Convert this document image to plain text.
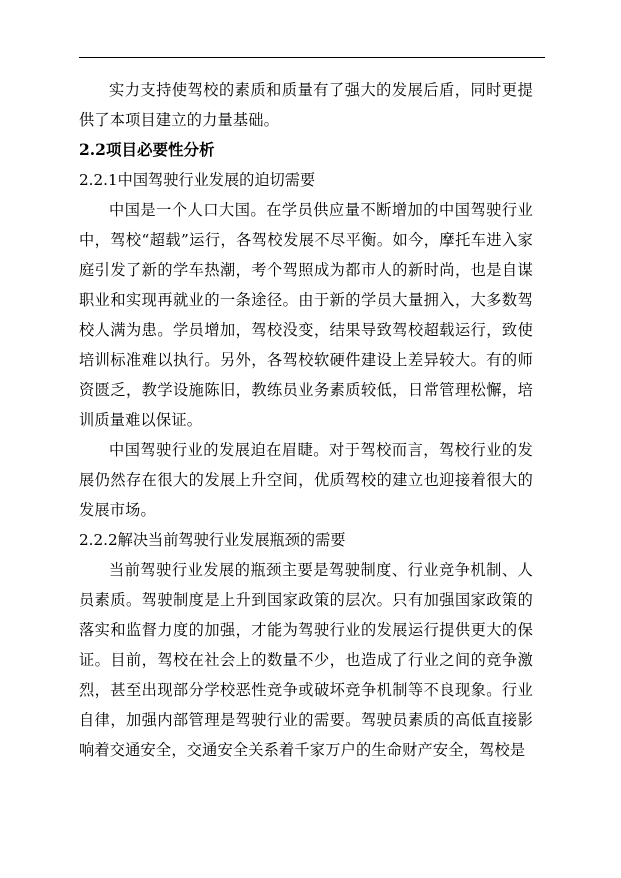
实力支持使驾校的素质和质量有了强大的发展后盾，同时更提供了本项目建立的力量基础。

2.2项目必要性分析

2.2.1中国驾驶行业发展的迫切需要

中国是一个人口大国。在学员供应量不断增加的中国驾驶行业中，驾校“超载”运行，各驾校发展不尽平衡。如今，摩托车进入家庭引发了新的学车热潮，考个驾照成为都市人的新时尚，也是自谋职业和实现再就业的一条途径。由于新的学员大量拥入，大多数驾校人满为患。学员增加，驾校没变，结果导致驾校超载运行，致使培训标准难以执行。另外，各驾校软硬件建设上差异较大。有的师资匮乏，教学设施陈旧，教练员业务素质较低，日常管理松懈，培训质量难以保证。

中国驾驶行业的发展迫在眉睫。对于驾校而言，驾校行业的发展仍然存在很大的发展上升空间，优质驾校的建立也迎接着很大的发展市场。

2.2.2解决当前驾驶行业发展瓶颈的需要

当前驾驶行业发展的瓶颈主要是驾驶制度、行业竞争机制、人员素质。驾驶制度是上升到国家政策的层次。只有加强国家政策的落实和监督力度的加强，才能为驾驶行业的发展运行提供更大的保证。目前，驾校在社会上的数量不少，也造成了行业之间的竞争激烈，甚至出现部分学校恶性竞争或破坏竞争机制等不良现象。行业自律，加强内部管理是驾驶行业的需要。驾驶员素质的高低直接影响着交通安全，交通安全关系着千家万户的生命财产安全，驾校是
